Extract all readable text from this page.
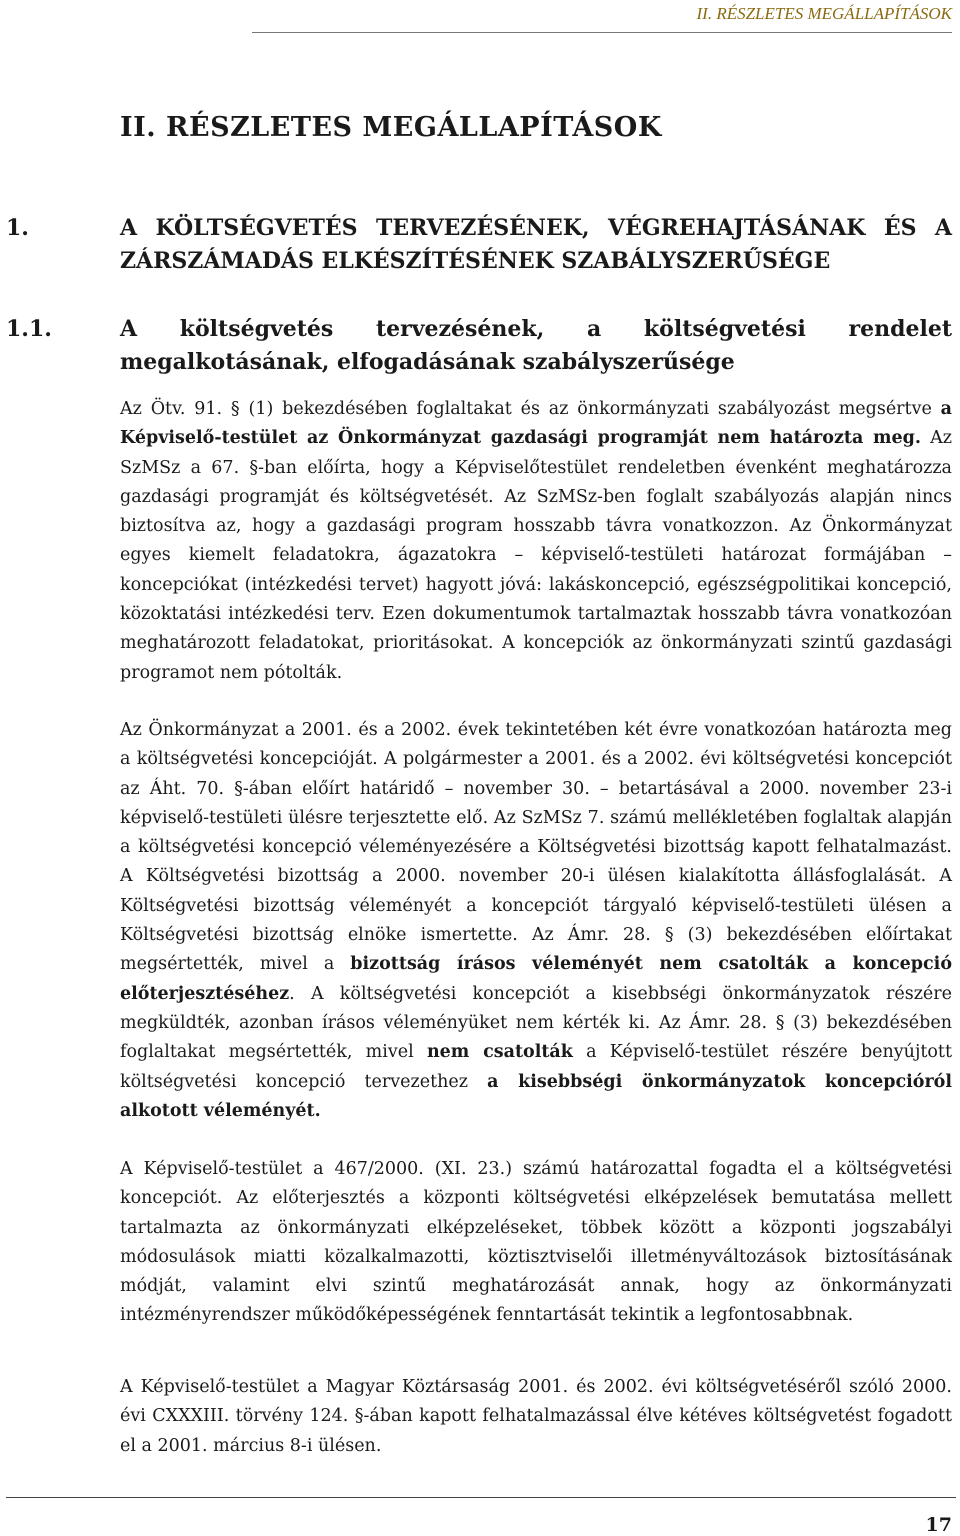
II. RÉSZLETES MEGÁLLAPÍTÁSOK
II. RÉSZLETES MEGÁLLAPÍTÁSOK
1.	A KÖLTSÉGVETÉS TERVEZÉSÉNEK, VÉGREHAJTÁSÁNAK ÉS A ZÁRSZÁMADÁS ELKÉSZÍTÉSÉNEK SZABÁLYSZERŰSÉGE
1.1.	A költségvetés tervezésének, a költségvetési rendelet megalkotásának, elfogadásának szabályszerűsége

Az Ötv. 91. § (1) bekezdésében foglaltakat és az önkormányzati szabályozást megsértve a Képviselő-testület az Önkormányzat gazdasági programját nem határozta meg. Az SzMSz a 67. §-ban előírta, hogy a Képviselőtestület rendeletben évenként meghatározza gazdasági programját és költségvetését. Az SzMSz-ben foglalt szabályozás alapján nincs biztosítva az, hogy a gazdasági program hosszabb távra vonatkozzon. Az Önkormányzat egyes kiemelt feladatokra, ágazatokra – képviselő-testületi határozat formájában – koncepciókat (intézkedési tervet) hagyott jóvá: lakáskoncepció, egészségpolitikai koncepció, közoktatási intézkedési terv. Ezen dokumentumok tartalmaztak hosszabb távra vonatkozóan meghatározott feladatokat, prioritásokat. A koncepciók az önkormányzati szintű gazdasági programot nem pótolták.

Az Önkormányzat a 2001. és a 2002. évek tekintetében két évre vonatkozóan határozta meg a költségvetési koncepcióját. A polgármester a 2001. és a 2002. évi költségvetési koncepciót az Áht. 70. §-ában előírt határidő – november 30. – betartásával a 2000. november 23-i képviselő-testületi ülésre terjesztette elő. Az SzMSz 7. számú mellékletében foglaltak alapján a költségvetési koncepció véleményezésére a Költségvetési bizottság kapott felhatalmazást. A Költségvetési bizottság a 2000. november 20-i ülésen kialakította állásfoglalását. A Költségvetési bizottság véleményét a koncepciót tárgyaló képviselő-testületi ülésen a Költségvetési bizottság elnöke ismertette. Az Ámr. 28. § (3) bekezdésében előírtakat megsértették, mivel a bizottság írásos véleményét nem csatolták a koncepció előterjesztéséhez. A költségvetési koncepciót a kisebbségi önkormányzatok részére megküldték, azonban írásos véleményüket nem kérték ki. Az Ámr. 28. § (3) bekezdésében foglaltakat megsértették, mivel nem csatolták a Képviselő-testület részére benyújtott költségvetési koncepció tervezethez a kisebbségi önkormányzatok koncepcióról alkotott véleményét.

A Képviselő-testület a 467/2000. (XI. 23.) számú határozattal fogadta el a költségvetési koncepciót. Az előterjesztés a központi költségvetési elképzelések bemutatása mellett tartalmazta az önkormányzati elképzeléseket, többek között a központi jogszabályi módosulások miatti közalkalmazotti, köztisztviselői illetményváltozások biztosításának módját, valamint elvi szintű meghatározását annak, hogy az önkormányzati intézményrendszer működőképességének fenntartását tekintik a legfontosabbnak.

A Képviselő-testület a Magyar Köztársaság 2001. és 2002. évi költségvetéséről szóló 2000. évi CXXXIII. törvény 124. §-ában kapott felhatalmazással élve kétéves költségvetést fogadott el a 2001. március 8-i ülésen.

17
